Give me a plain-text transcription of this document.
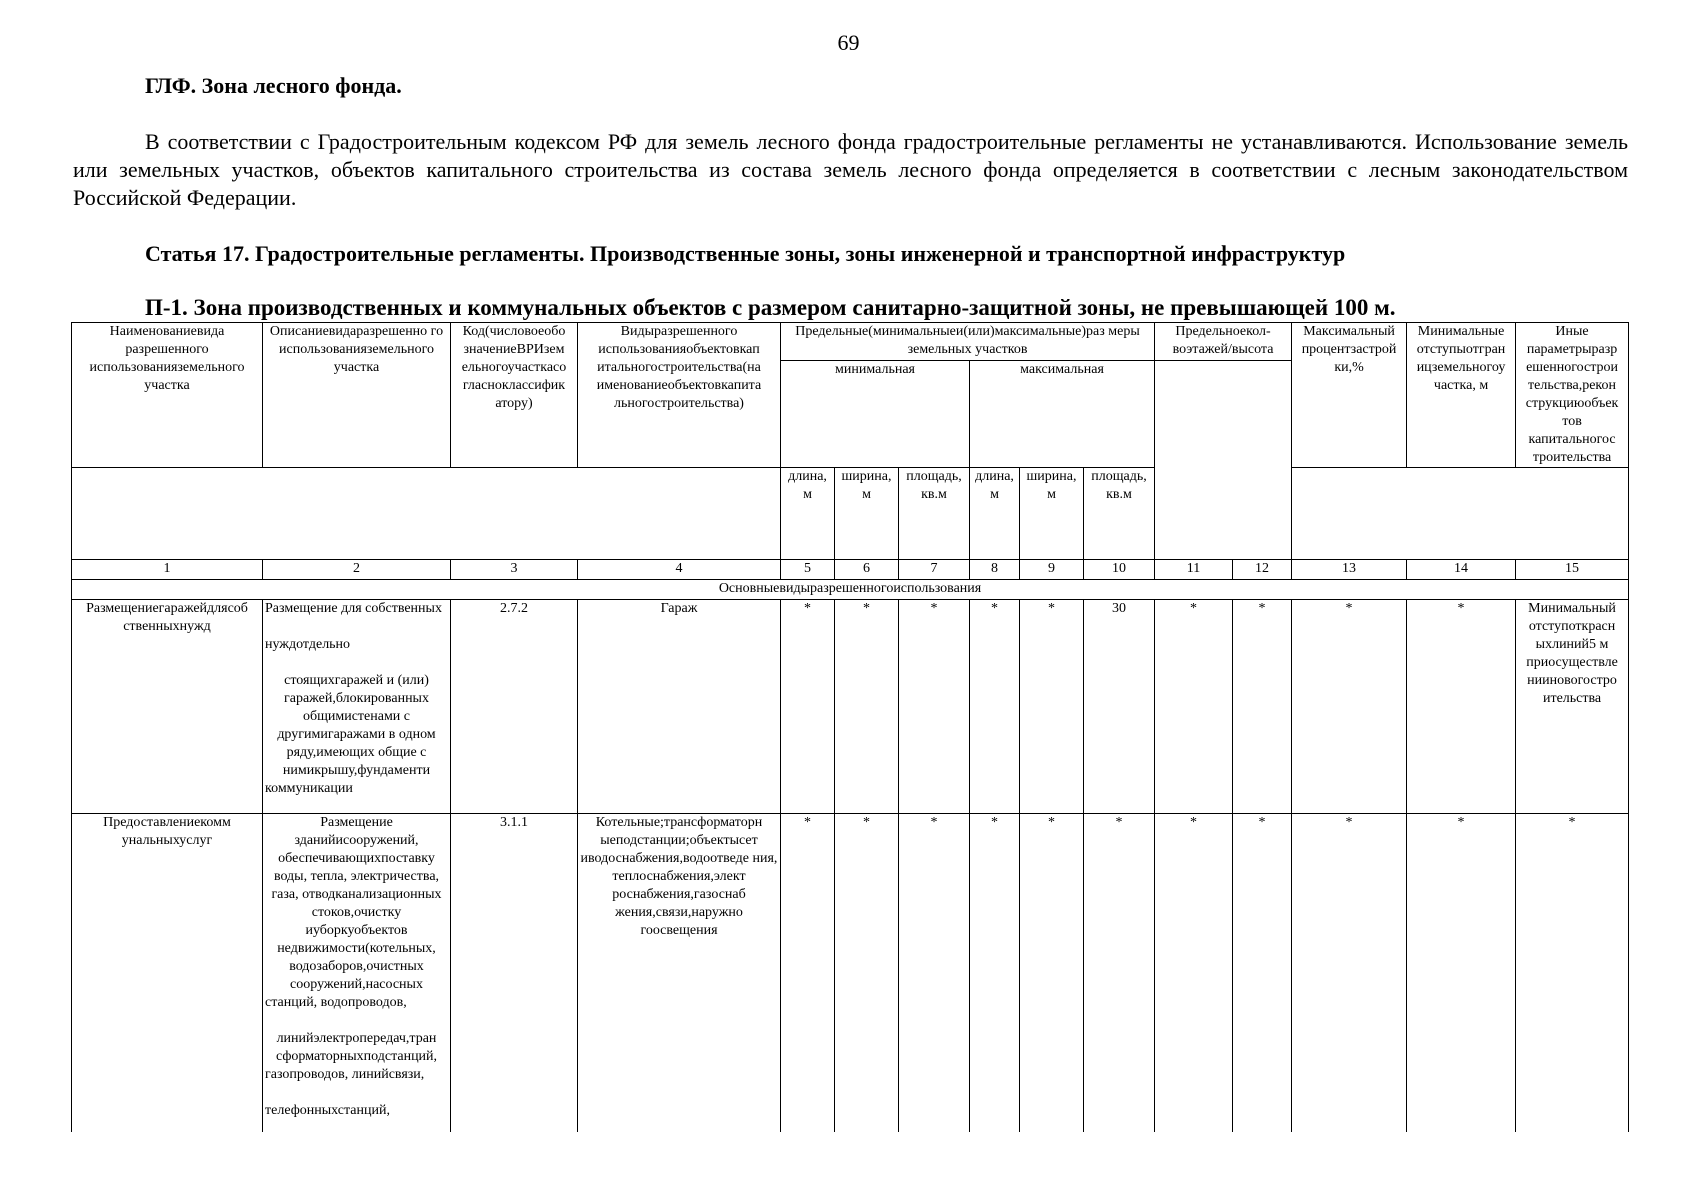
69
ГЛФ. Зона лесного фонда.
В соответствии с Градостроительным кодексом РФ для земель лесного фонда градостроительные регламенты не устанавливаются. Использование земель или земельных участков, объектов капитального строительства из состава земель лесного фонда определяется в соответствии с лесным законодательством Российской Федерации.
Статья 17. Градостроительные регламенты. Производственные зоны, зоны инженерной и транспортной инфраструктур
П-1. Зона производственных и коммунальных объектов с размером санитарно-защитной зоны, не превышающей 100 м.
Наименованиевида разрешенного использованияземельного участка	Описаниевидаразрешенно го использованияземельного участка	Код(числовоеобо значениеВРИзем ельногоучасткасо гласноклассифик атору)	Видыразрешенного использованияобъектовкап итальногостроительства(на именованиеобъектовкапита льногостроительства)	Предельные(минимальныеи(или)максимальные)раз меры земельных участков						Предельноекол- воэтажей/высота		Максимальный процентзастрой ки,%	Минимальные отступыотгран ицземельногоу частка, м	Иные параметрыразр ешенногострои тельства,рекон струкциюобъек тов капитальногос троительства

				минимальная			максимальная							
				длина, м	ширина, м	площадь, кв.м	длина, м	ширина, м	площадь, кв.м					
1	2	3	4	5	6	7	8	9	10	11	12	13	14	15
Основныевидыразрешенногоиспользования														
Размещениегаражейдлясоб ственныхнужд	Размещение для собственных
нуждотдельно
стоящихгаражей и (или) гаражей,блокированных общимистенами с другимигаражами в одном ряду,имеющих общие с нимикрышу,фундаменти коммуникации	2.7.2	Гараж	*	*	*	*	*	30	*	*	*	*	Минимальный отступоткрасн ыхлиний5 м приосуществле нииновогостро ительства
Предоставлениекомм унальныхуслуг	Размещение зданийисооружений, обеспечивающихпоставку воды, тепла, электричества, газа, отводканализационных стоков,очистку иуборкуобъектов недвижимости(котельных, водозаборов,очистных сооружений,насосных станций, водопроводов,
линийэлектропередач,тран сформаторныхподстанций, газопроводов, линийсвязи,
телефонныхстанций,	3.1.1	Котельные;трансформаторн ыеподстанции;объектысет иводоснабжения,водоотведе ния, теплоснабжения,элект роснабжения,газоснаб жения,связи,наружно гоосвещения	*	*	*	*	*	*	*	*	*	*	*
